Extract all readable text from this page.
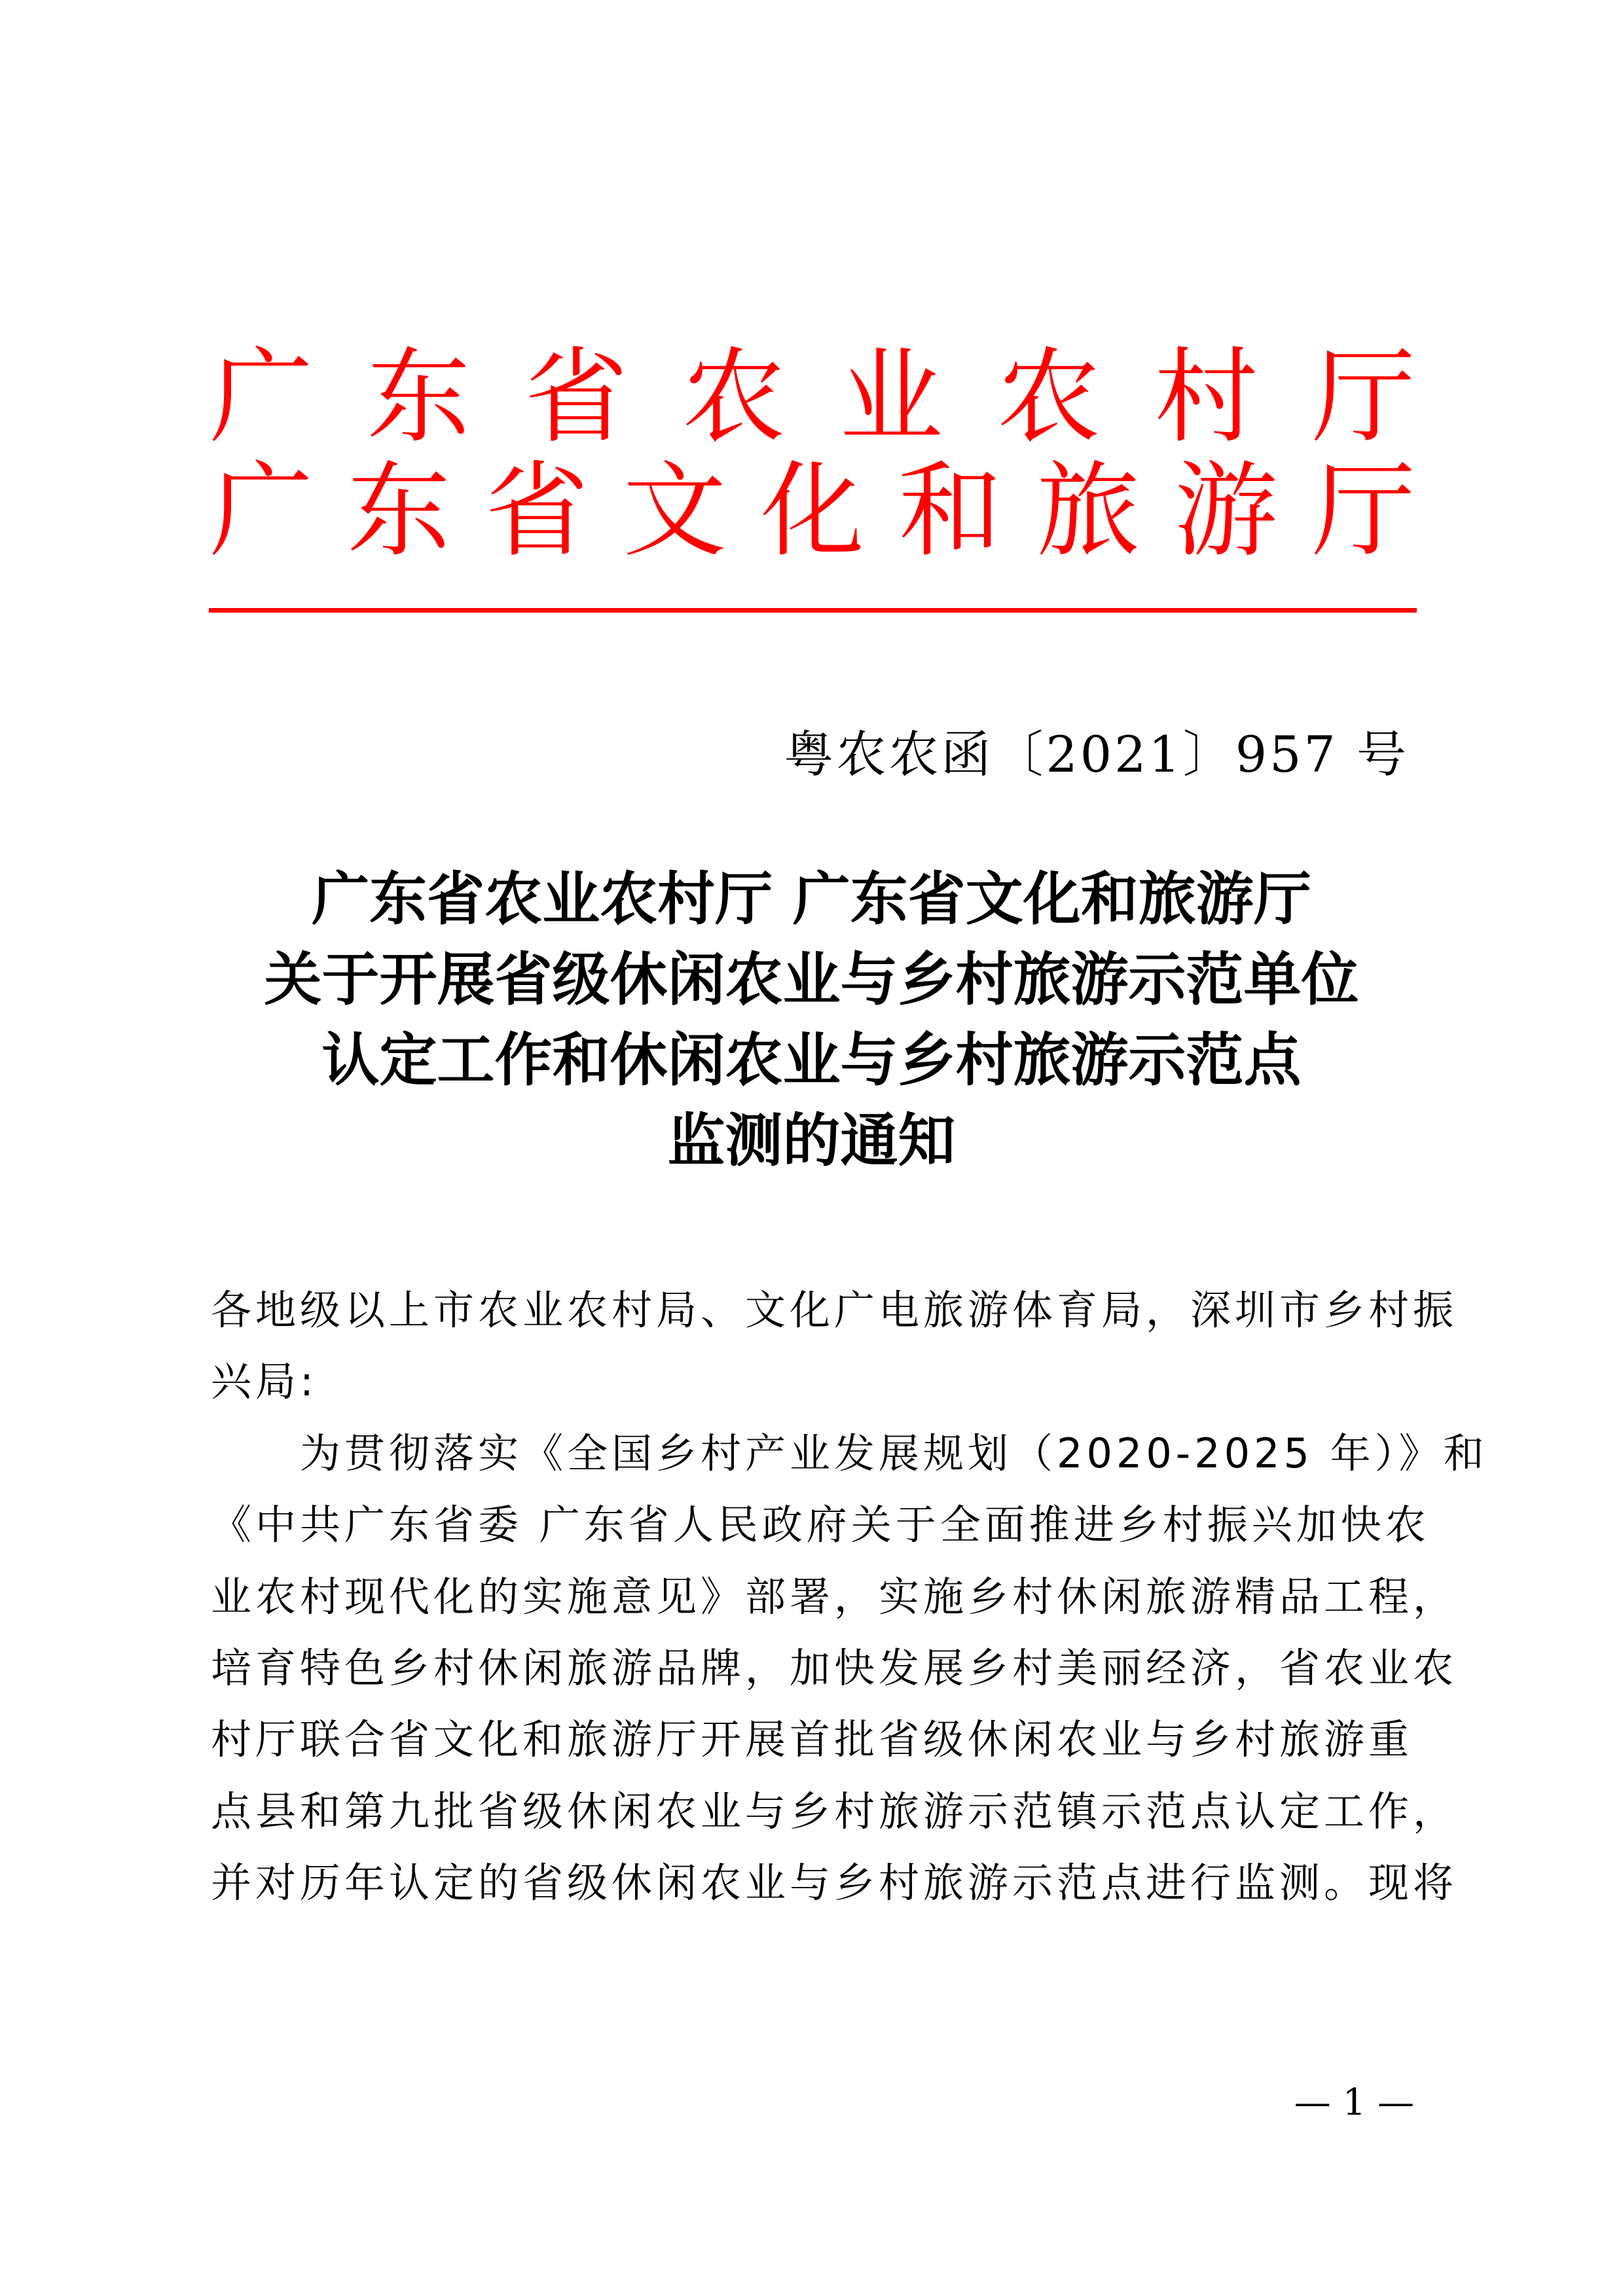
广 东 省 农 业 农 村 厅
广 东 省 文 化 和 旅 游 厅
粤农农函〔2021〕957 号
广东省农业农村厅 广东省文化和旅游厅
关于开展省级休闲农业与乡村旅游示范单位
认定工作和休闲农业与乡村旅游示范点
监测的通知
各地级以上市农业农村局、文化广电旅游体育局，深圳市乡村振
兴局:
为贯彻落实《全国乡村产业发展规划（2020-2025 年）》和
《中共广东省委 广东省人民政府关于全面推进乡村振兴加快农
业农村现代化的实施意见》部署，实施乡村休闲旅游精品工程，
培育特色乡村休闲旅游品牌，加快发展乡村美丽经济，省农业农
村厅联合省文化和旅游厅开展首批省级休闲农业与乡村旅游重
点县和第九批省级休闲农业与乡村旅游示范镇示范点认定工作，
并对历年认定的省级休闲农业与乡村旅游示范点进行监测。现将
— 1 —
